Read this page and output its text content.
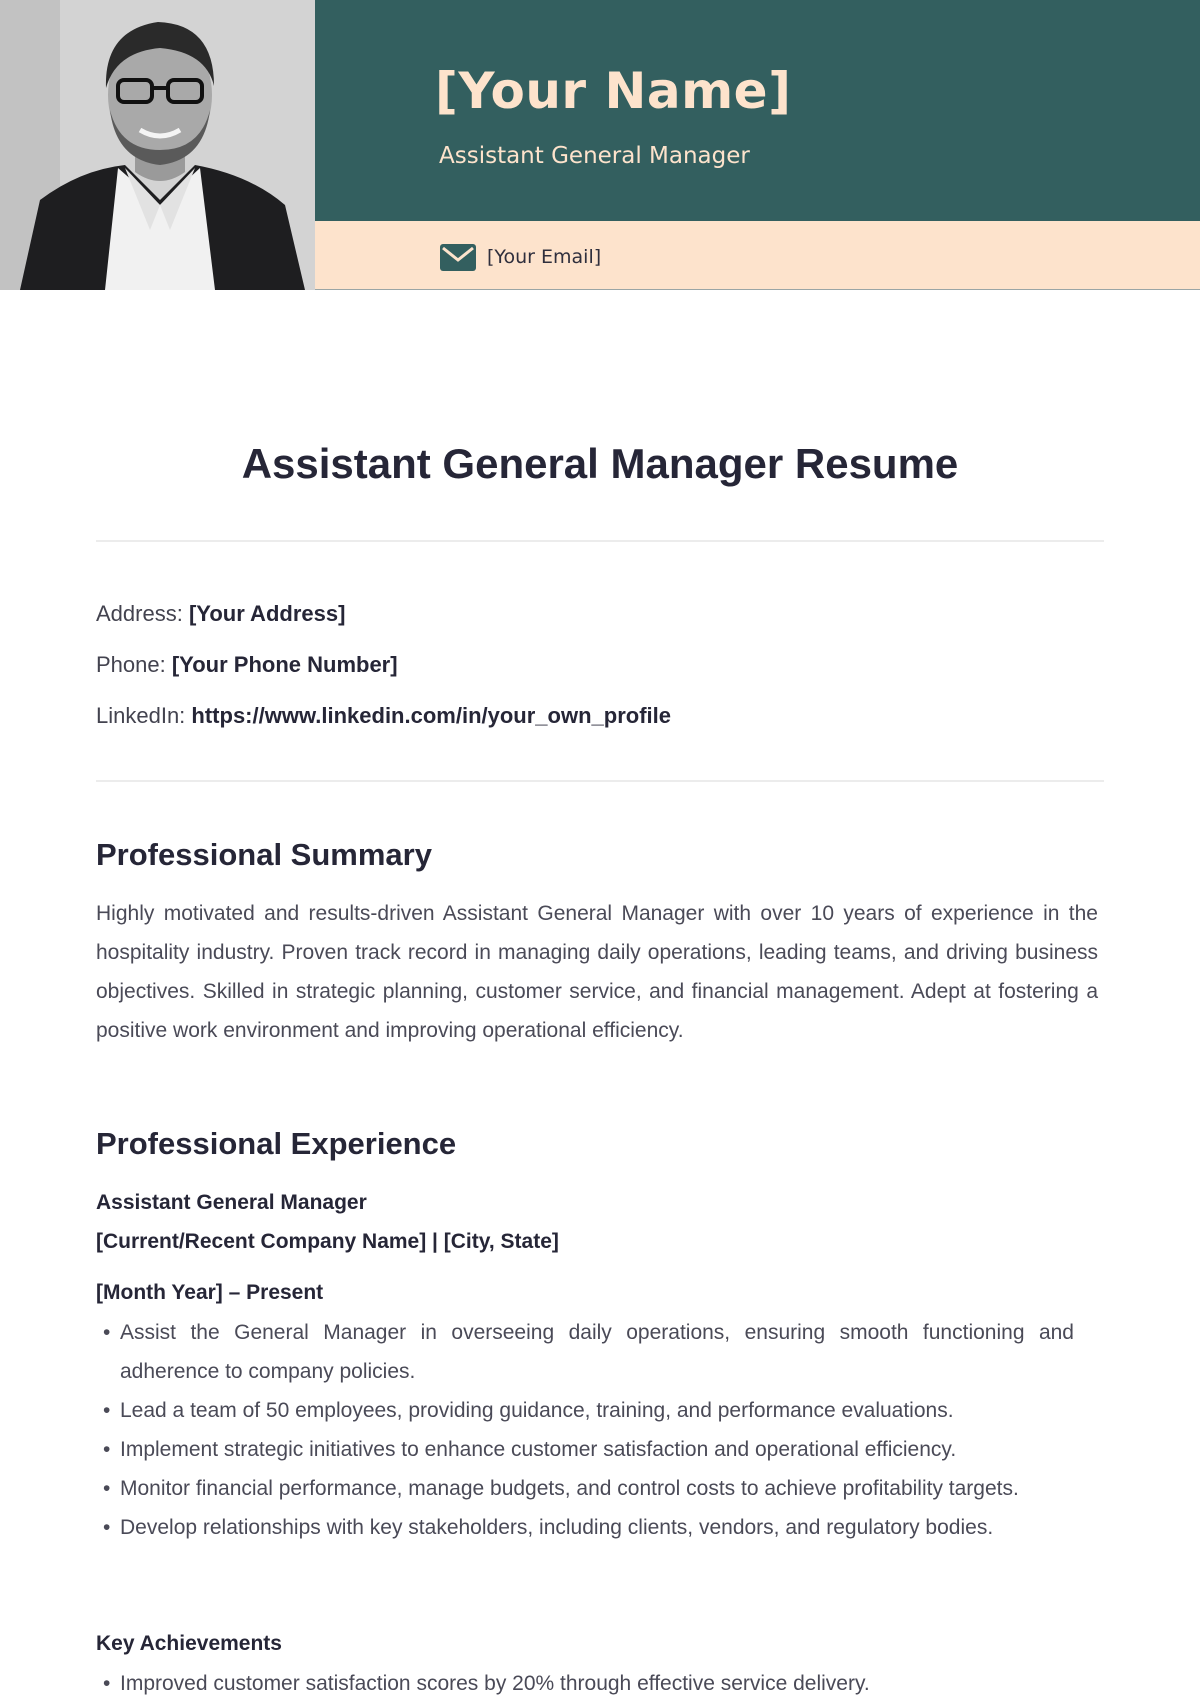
[Your Name]
Assistant General Manager
[Your Email]
Assistant General Manager Resume
Address: [Your Address]
Phone: [Your Phone Number]
LinkedIn: https://www.linkedin.com/in/your_own_profile
Professional Summary

Highly motivated and results-driven Assistant General Manager with over 10 years of experience in the hospitality industry. Proven track record in managing daily operations, leading teams, and driving business objectives. Skilled in strategic planning, customer service, and financial management. Adept at fostering a positive work environment and improving operational efficiency.

Professional Experience
Assistant General Manager
[Current/Recent Company Name] | [City, State]
[Month Year] – Present
• Assist the General Manager in overseeing daily operations, ensuring smooth functioning and adherence to company policies.
• Lead a team of 50 employees, providing guidance, training, and performance evaluations.
• Implement strategic initiatives to enhance customer satisfaction and operational efficiency.
• Monitor financial performance, manage budgets, and control costs to achieve profitability targets.
• Develop relationships with key stakeholders, including clients, vendors, and regulatory bodies.
Key Achievements
• Improved customer satisfaction scores by 20% through effective service delivery.
